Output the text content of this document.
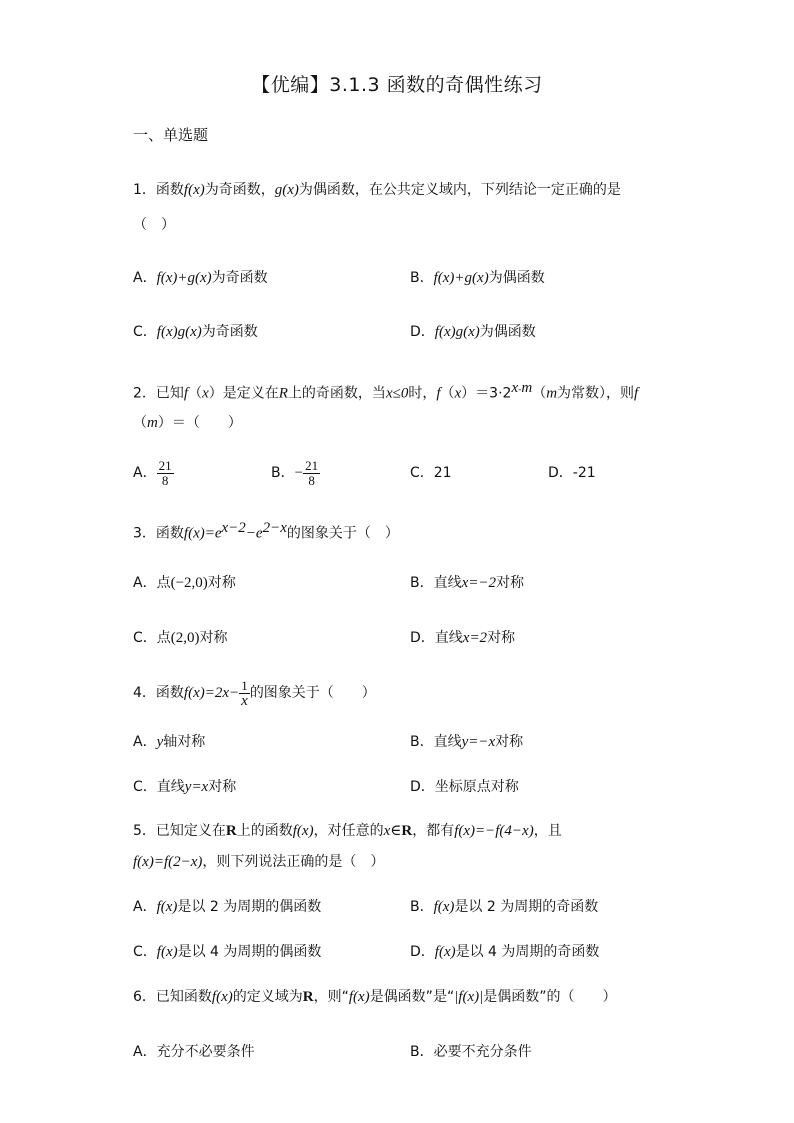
【优编】3.1.3 函数的奇偶性练习
一、单选题
1．函数f(x)为奇函数，g(x)为偶函数，在公共定义域内，下列结论一定正确的是
（　）
A．f(x)+g(x)为奇函数	B．f(x)+g(x)为偶函数
C．f(x)g(x)为奇函数	D．f(x)g(x)为偶函数
2．已知f（x）是定义在R上的奇函数，当x≤0时，$f(x)=3\cdot 2^{x-m}(m$为常数），则f
（m）＝（　　）
A． $\frac{21}{8}$	B．− $\frac{21}{8}$	C．21	D．-21
3．函数$f(x)=e^{x-2}-e^{2-x}$的图象关于（　）
A．点(−2,0)对称	B．直线x=−2对称
C．点(2,0)对称	D．直线x=2对称
4．函数$f(x)=2x- \frac{1}{x}$ 的图象关于（　　）
A．y轴对称	B．直线y=−x对称
C．直线y=x对称	D．坐标原点对称
5．已知定义在R上的函数f(x)，对任意的x∈R，都有f(x)=−f(4−x)，且
f(x)=f(2−x)，则下列说法正确的是（　）
A．f(x)是以 2 为周期的偶函数	B．f(x)是以 2 为周期的奇函数
C．f(x)是以 4 为周期的偶函数	D．f(x)是以 4 为周期的奇函数
6．已知函数f(x)的定义域为R，则“f(x)是偶函数”是“|f(x)|是偶函数”的（　　）
A．充分不必要条件	B．必要不充分条件
